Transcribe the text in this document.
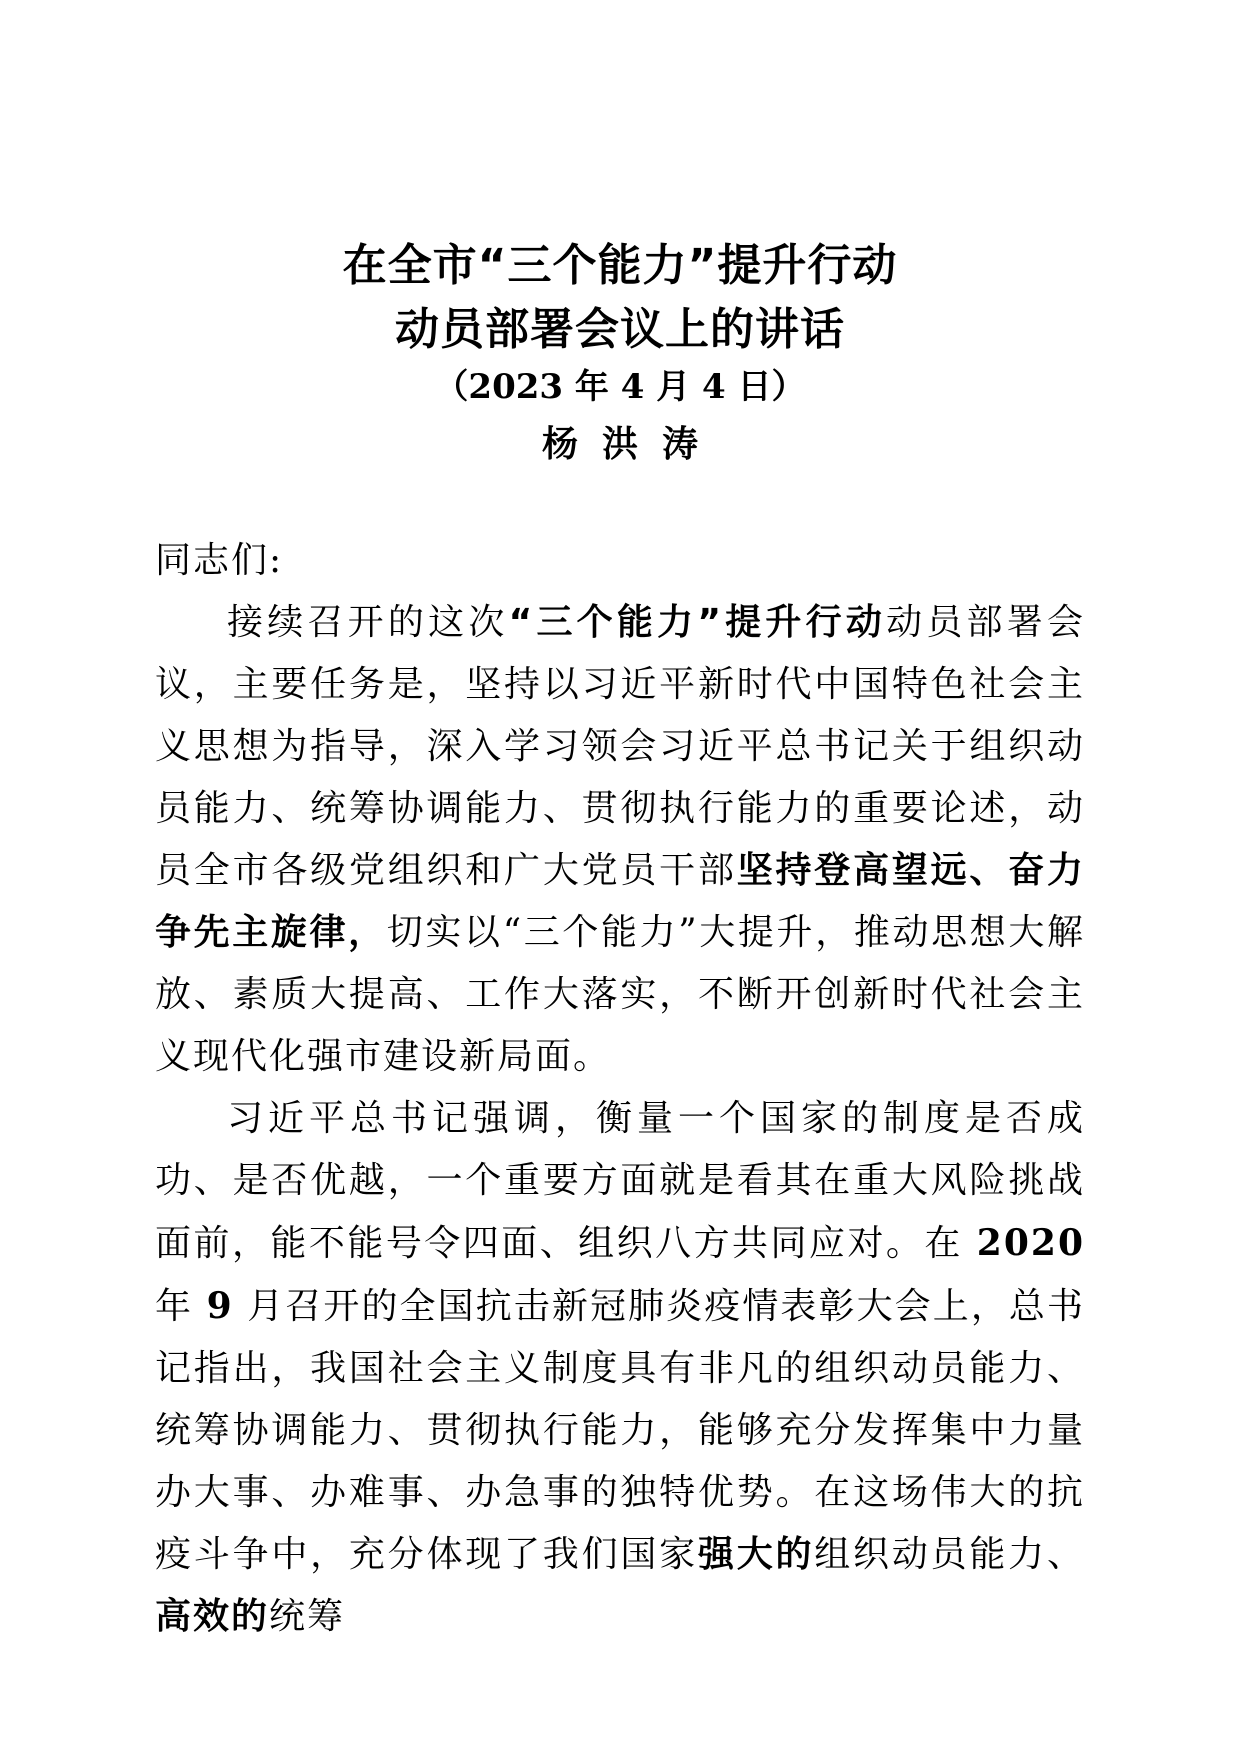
在全市“三个能力”提升行动
动员部署会议上的讲话
（2023 年 4 月 4 日）
杨洪涛

同志们:

接续召开的这次“三个能力”提升行动动员部署会议，主要任务是，坚持以习近平新时代中国特色社会主义思想为指导，深入学习领会习近平总书记关于组织动员能力、统筹协调能力、贯彻执行能力的重要论述，动员全市各级党组织和广大党员干部坚持登高望远、奋力争先主旋律，切实以“三个能力”大提升，推动思想大解放、素质大提高、工作大落实，不断开创新时代社会主义现代化强市建设新局面。

习近平总书记强调，衡量一个国家的制度是否成功、是否优越，一个重要方面就是看其在重大风险挑战面前，能不能号令四面、组织八方共同应对。在 2020 年 9 月召开的全国抗击新冠肺炎疫情表彰大会上，总书记指出，我国社会主义制度具有非凡的组织动员能力、统筹协调能力、贯彻执行能力，能够充分发挥集中力量办大事、办难事、办急事的独特优势。在这场伟大的抗疫斗争中，充分体现了我们国家强大的组织动员能力、高效的统筹
